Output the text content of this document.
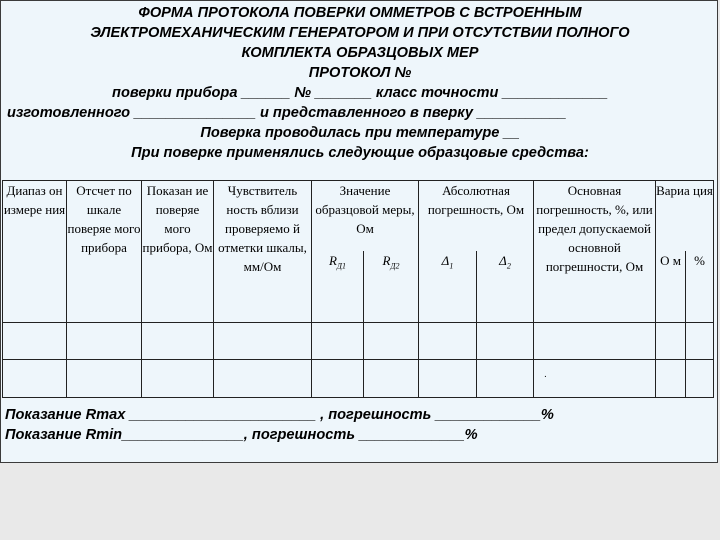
ФОРМА ПРОТОКОЛА ПОВЕРКИ ОММЕТРОВ С ВСТРОЕННЫМ
ЭЛЕКТРОМЕХАНИЧЕСКИМ ГЕНЕРАТОРОМ И ПРИ ОТСУТСТВИИ ПОЛНОГО
КОМПЛЕКТА ОБРАЗЦОВЫХ МЕР
ПРОТОКОЛ №
поверки прибора ______ № _______ класс точности _____________
изготовленного _______________ и представленного в пверку ___________
Поверка проводилась при температуре __
При поверке применялись следующие образцовые средства:
Диапаз он измере ния	Отсчет по шкале поверяе мого прибора	Показан ие поверяе мого прибора, Ом	Чувствитель ность вблизи проверяемо й отметки шкалы, мм/Ом	Значение образцовой меры, Ом		Абсолютная погрешность, Ом		Основная погрешность, %, или предел допускаемой основной погрешности, Ом	Вариа ция	
				$R_{Д1}$	$R_{Д2}$	$\Delta_1$	$\Delta_2$		О м	%

.
Показание Rmax _______________________ , погрешность _____________%
Показание Rmin_______________, погрешность _____________%
